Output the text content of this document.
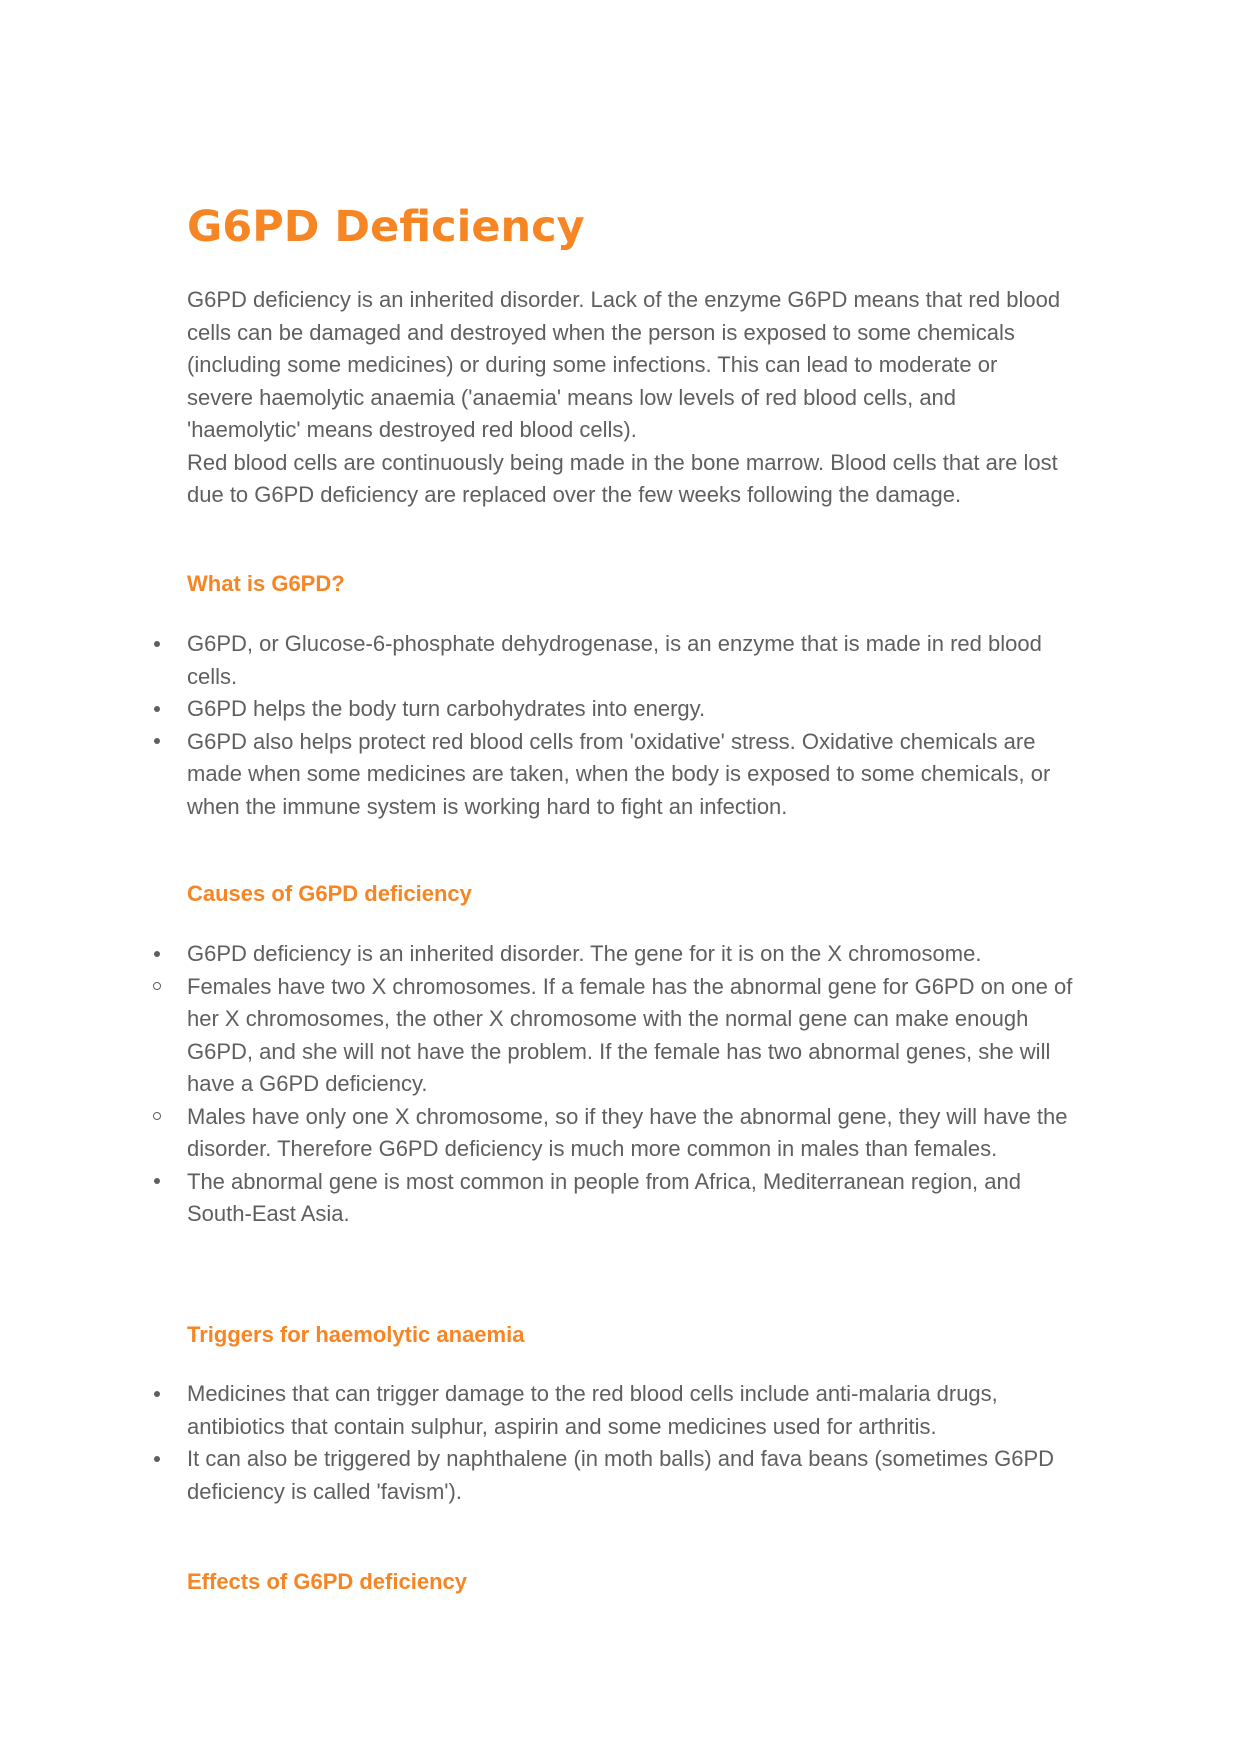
G6PD Deficiency

G6PD deficiency is an inherited disorder. Lack of the enzyme G6PD means that red blood cells can be damaged and destroyed when the person is exposed to some chemicals (including some medicines) or during some infections. This can lead to moderate or severe haemolytic anaemia ('anaemia' means low levels of red blood cells, and 'haemolytic' means destroyed red blood cells).

Red blood cells are continuously being made in the bone marrow. Blood cells that are lost due to G6PD deficiency are replaced over the few weeks following the damage.

What is G6PD?
G6PD, or Glucose-6-phosphate dehydrogenase, is an enzyme that is made in red blood cells.
G6PD helps the body turn carbohydrates into energy.
G6PD also helps protect red blood cells from 'oxidative' stress. Oxidative chemicals are made when some medicines are taken, when the body is exposed to some chemicals, or when the immune system is working hard to fight an infection.
Causes of G6PD deficiency
G6PD deficiency is an inherited disorder. The gene for it is on the X chromosome.
Females have two X chromosomes. If a female has the abnormal gene for G6PD on one of her X chromosomes, the other X chromosome with the normal gene can make enough G6PD, and she will not have the problem. If the female has two abnormal genes, she will have a G6PD deficiency.
Males have only one X chromosome, so if they have the abnormal gene, they will have the disorder. Therefore G6PD deficiency is much more common in males than females.
The abnormal gene is most common in people from Africa, Mediterranean region, and South-East Asia.
Triggers for haemolytic anaemia
Medicines that can trigger damage to the red blood cells include anti-malaria drugs, antibiotics that contain sulphur, aspirin and some medicines used for arthritis.
It can also be triggered by naphthalene (in moth balls) and fava beans (sometimes G6PD deficiency is called 'favism').
Effects of G6PD deficiency
